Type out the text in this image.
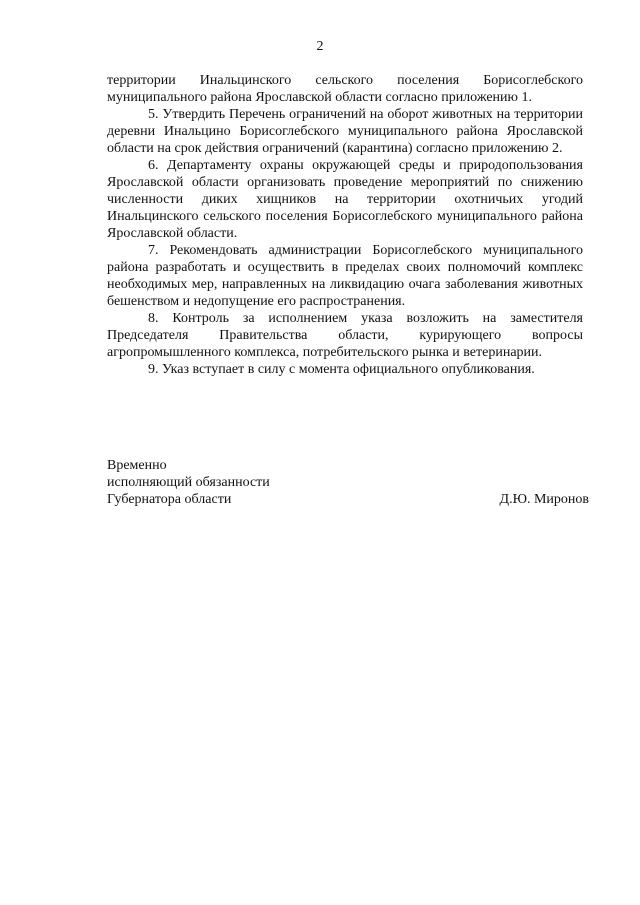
2

территории Инальцинского сельского поселения Борисоглебского муниципального района Ярославской области согласно приложению 1.

5. Утвердить Перечень ограничений на оборот животных на территории деревни Инальцино Борисоглебского муниципального района Ярославской области на срок действия ограничений (карантина) согласно приложению 2.

6. Департаменту охраны окружающей среды и природопользования Ярославской области организовать проведение мероприятий по снижению численности диких хищников на территории охотничьих угодий Инальцинского сельского поселения Борисоглебского муниципального района Ярославской области.

7. Рекомендовать администрации Борисоглебского муниципального района разработать и осуществить в пределах своих полномочий комплекс необходимых мер, направленных на ликвидацию очага заболевания животных бешенством и недопущение его распространения.

8. Контроль за исполнением указа возложить на заместителя Председателя Правительства области, курирующего вопросы агропромышленного комплекса, потребительского рынка и ветеринарии.

9. Указ вступает в силу с момента официального опубликования.

Временно
исполняющий обязанности
Губернатора области	Д.Ю. Миронов
